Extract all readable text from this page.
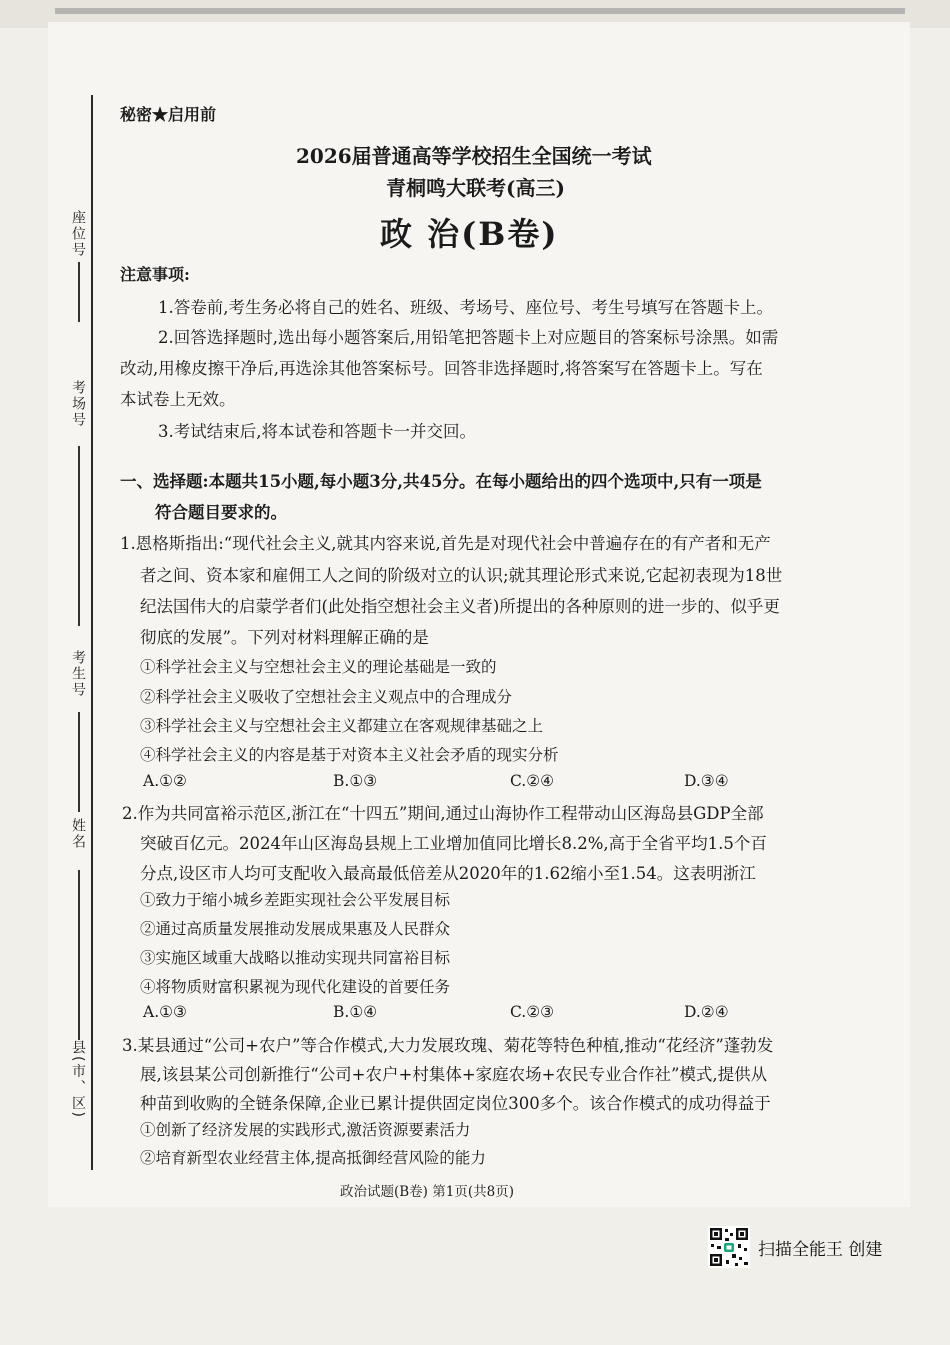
座位号
考场号
考生号
姓名
县(市、区)
秘密★启用前
2026届普通高等学校招生全国统一考试
青桐鸣大联考(高三)
政 治(B卷)
注意事项:
1.答卷前,考生务必将自己的姓名、班级、考场号、座位号、考生号填写在答题卡上。
2.回答选择题时,选出每小题答案后,用铅笔把答题卡上对应题目的答案标号涂黑。如需
改动,用橡皮擦干净后,再选涂其他答案标号。回答非选择题时,将答案写在答题卡上。写在
本试卷上无效。
3.考试结束后,将本试卷和答题卡一并交回。
一、选择题:本题共15小题,每小题3分,共45分。在每小题给出的四个选项中,只有一项是
符合题目要求的。
1.恩格斯指出:“现代社会主义,就其内容来说,首先是对现代社会中普遍存在的有产者和无产
者之间、资本家和雇佣工人之间的阶级对立的认识;就其理论形式来说,它起初表现为18世
纪法国伟大的启蒙学者们(此处指空想社会主义者)所提出的各种原则的进一步的、似乎更
彻底的发展”。下列对材料理解正确的是
①科学社会主义与空想社会主义的理论基础是一致的
②科学社会主义吸收了空想社会主义观点中的合理成分
③科学社会主义与空想社会主义都建立在客观规律基础之上
④科学社会主义的内容是基于对资本主义社会矛盾的现实分析
A.①②	B.①③	C.②④	D.③④
2.作为共同富裕示范区,浙江在“十四五”期间,通过山海协作工程带动山区海岛县GDP全部
突破百亿元。2024年山区海岛县规上工业增加值同比增长8.2%,高于全省平均1.5个百
分点,设区市人均可支配收入最高最低倍差从2020年的1.62缩小至1.54。这表明浙江
①致力于缩小城乡差距实现社会公平发展目标
②通过高质量发展推动发展成果惠及人民群众
③实施区域重大战略以推动实现共同富裕目标
④将物质财富积累视为现代化建设的首要任务
A.①③	B.①④	C.②③	D.②④
3.某县通过“公司+农户”等合作模式,大力发展玫瑰、菊花等特色种植,推动“花经济”蓬勃发
展,该县某公司创新推行“公司+农户+村集体+家庭农场+农民专业合作社”模式,提供从
种苗到收购的全链条保障,企业已累计提供固定岗位300多个。该合作模式的成功得益于
①创新了经济发展的实践形式,激活资源要素活力
②培育新型农业经营主体,提高抵御经营风险的能力
政治试题(B卷) 第1页(共8页)
扫描全能王 创建
